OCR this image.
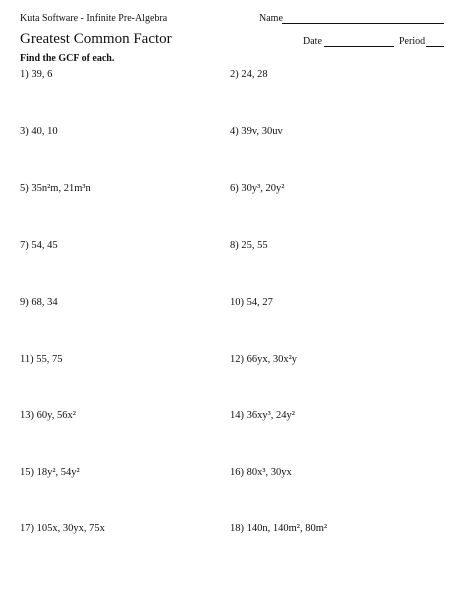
Kuta Software - Infinite Pre-Algebra	Name
Greatest Common Factor	Date	Period
Find the GCF of each.
1) 39, 6
3) 40, 10
5) 35n²m, 21m³n
7) 54, 45
9) 68, 34
11) 55, 75
13) 60y, 56x²
15) 18y², 54y²
17) 105x, 30yx, 75x
2) 24, 28
4) 39v, 30uv
6) 30y³, 20y²
8) 25, 55
10) 54, 27
12) 66yx, 30x²y
14) 36xy³, 24y²
16) 80x³, 30yx
18) 140n, 140m², 80m²
